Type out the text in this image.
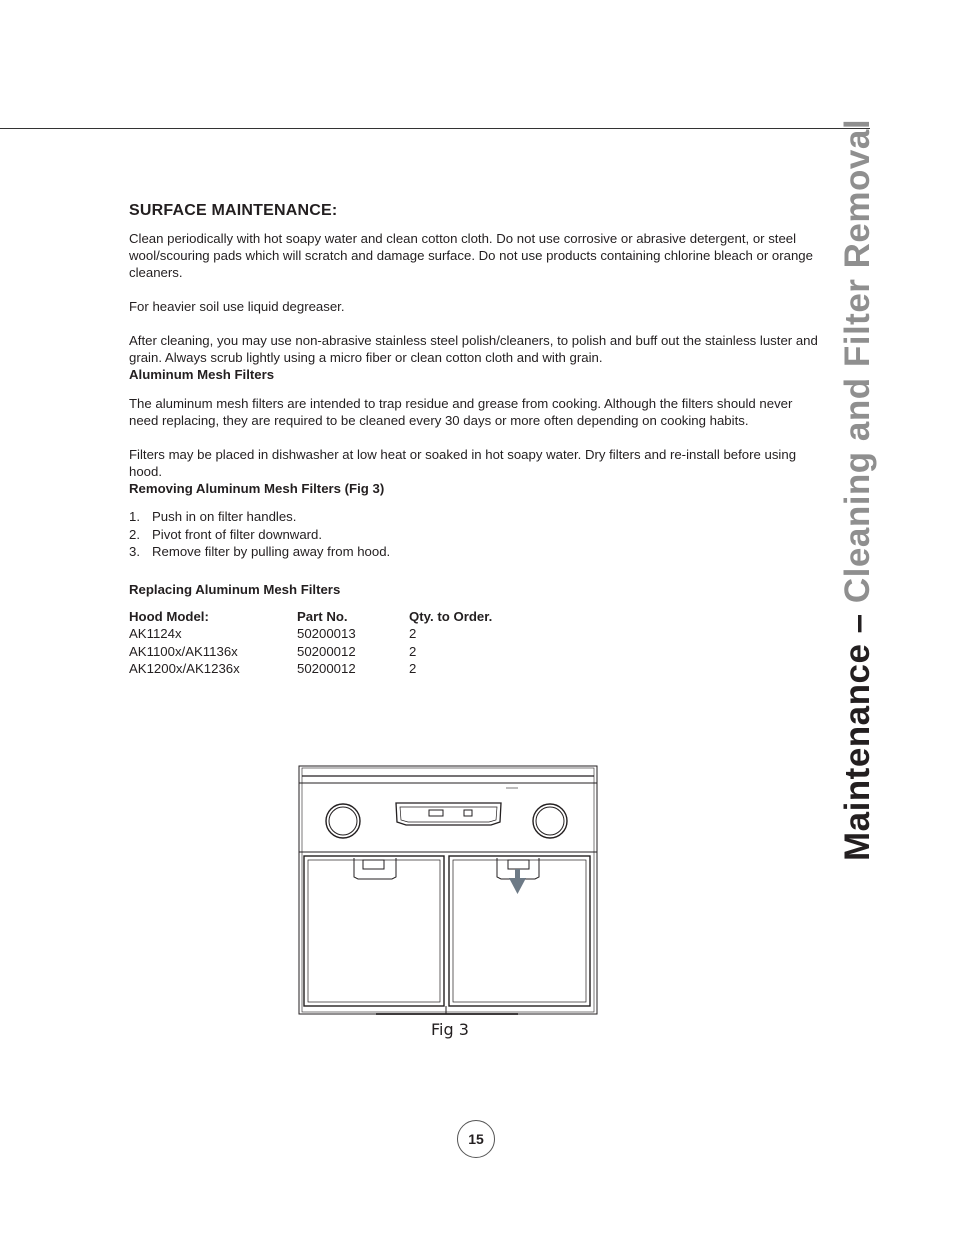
SURFACE MAINTENANCE:

Clean periodically with hot soapy water and clean cotton cloth. Do not use corrosive or abrasive detergent, or steel wool/scouring pads which will scratch and damage surface. Do not use products containing chlorine bleach or orange cleaners.

For heavier soil use liquid degreaser.

After cleaning, you may use non-abrasive stainless steel polish/cleaners, to polish and buff out the stainless luster and grain. Always scrub lightly using a micro fiber or clean cotton cloth and with grain.

Aluminum Mesh Filters

The aluminum mesh filters are intended to trap residue and grease from cooking. Although the filters should never need replacing, they are required to be cleaned every 30 days or more often depending on cooking habits.

Filters may be placed in dishwasher at low heat or soaked in hot soapy water. Dry filters and re-install before using hood.

Removing Aluminum Mesh Filters (Fig 3)
1. Push in on filter handles.
2. Pivot front of filter downward.
3. Remove filter by pulling away from hood.
Replacing Aluminum Mesh Filters
Hood Model:	Part No.	Qty. to Order.
AK1124x	50200013	2
AK1100x/AK1136x	50200012	2
AK1200x/AK1236x	50200012	2
Fig 3
15
Maintenance – Cleaning and Filter Removal
